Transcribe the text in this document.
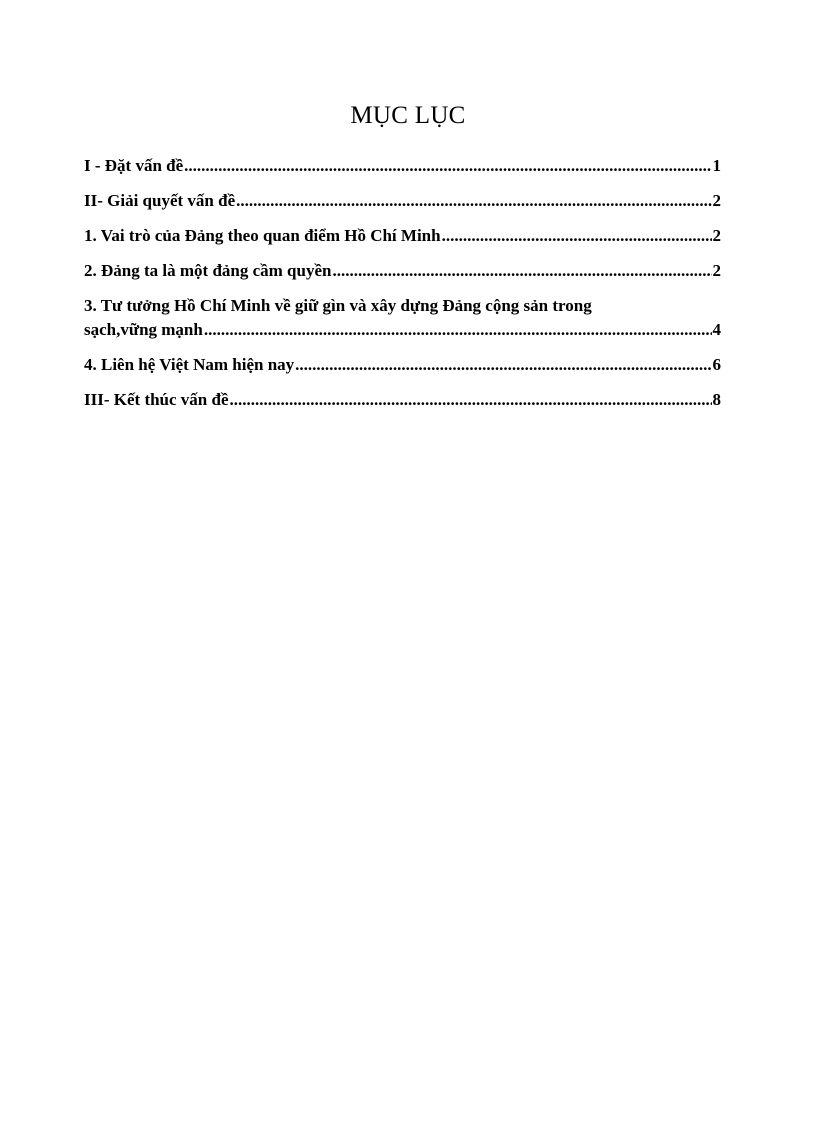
MỤC LỤC
I - Đặt vấn đề .....	1
II- Giải quyết vấn đề .....	2
1. Vai trò của Đảng theo quan điểm Hồ Chí Minh .....	2
2. Đảng ta là một đảng cầm quyền .....	2
3. Tư tưởng Hồ Chí Minh về giữ gìn và xây dựng Đảng cộng sản trong
sạch,vững mạnh .....	4
4. Liên hệ Việt Nam hiện nay .....	6
III- Kết thúc vấn đề .....	8
